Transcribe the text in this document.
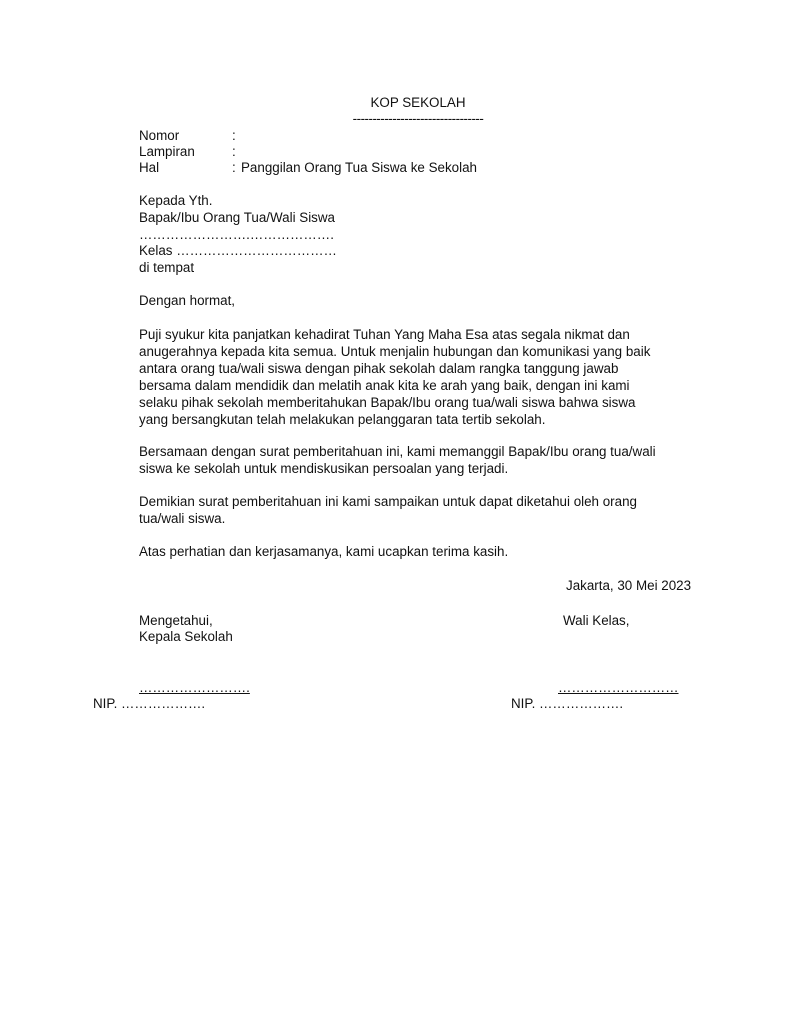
KOP SEKOLAH
---------------------------------
Nomor	:
Lampiran	:
Hal	: Panggilan Orang Tua Siswa ke Sekolah
Kepada Yth.
Bapak/Ibu Orang Tua/Wali Siswa
…………………….……………….
Kelas ………………………………
di tempat
Dengan hormat,
Puji syukur kita panjatkan kehadirat Tuhan Yang Maha Esa atas segala nikmat dan
anugerahnya kepada kita semua. Untuk menjalin hubungan dan komunikasi yang baik
antara orang tua/wali siswa dengan pihak sekolah dalam rangka tanggung jawab
bersama dalam mendidik dan melatih anak kita ke arah yang baik, dengan ini kami
selaku pihak sekolah memberitahukan Bapak/Ibu orang tua/wali siswa bahwa siswa
yang bersangkutan telah melakukan pelanggaran tata tertib sekolah.
Bersamaan dengan surat pemberitahuan ini, kami memanggil Bapak/Ibu orang tua/wali
siswa ke sekolah untuk mendiskusikan persoalan yang terjadi.
Demikian surat pemberitahuan ini kami sampaikan untuk dapat diketahui oleh orang
tua/wali siswa.
Atas perhatian dan kerjasamanya, kami ucapkan terima kasih.
Jakarta, 30 Mei 2023
Mengetahui,
Kepala Sekolah
…………………….
NIP. ……………….
Wali Kelas,
………………………
NIP. ……………….
